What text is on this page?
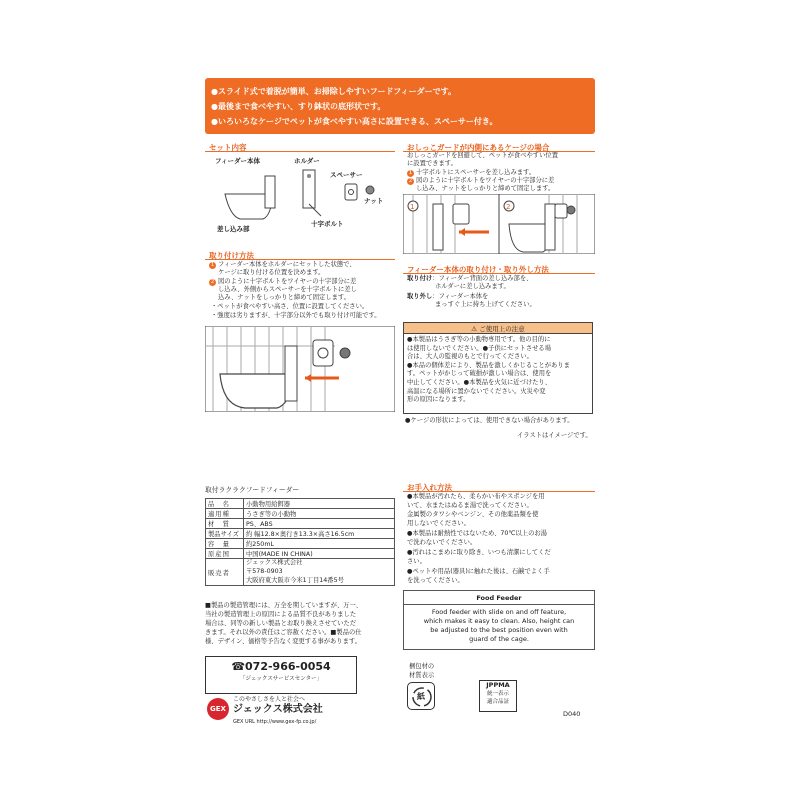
●スライド式で着脱が簡単、お掃除しやすいフードフィーダーです。

●最後まで食べやすい、すり鉢状の底形状です。

●いろいろなケージでペットが食べやすい高さに設置できる、スペーサー付き。

セット内容
フィーダー本体	ホルダー
スペーサー
ナット
差し込み部
十字ボルト
取り付け方法
1 フィーダー本体をホルダーにセットした状態で、
ケージに取り付ける位置を決めます。
2 図のように十字ボルトをワイヤーの十字部分に差
し込み、外側からスペーサーを十字ボルトに差し
込み、ナットをしっかりと締めて固定します。
・ペットが食べやすい高さ、位置に設置してください。
・強度は劣りますが、十字部分以外でも取り付け可能です。
おしっこガードが内側にあるケージの場合
おしっこガードを回避して、ペットが食べやすい位置
に設置できます。
1 十字ボルトにスペーサーを差し込みます。
2 図のように十字ボルトをワイヤーの十字部分に差
し込み、ナットをしっかりと締めて固定します。
1	2
フィーダー本体の取り付け・取り外し方法
取り付け：フィーダー背面の差し込み部を、
ホルダーに差し込みます。
取り外し：フィーダー本体を
まっすぐ上に持ち上げてください。
⚠ ご使用上の注意
●本製品はうさぎ等の小動物専用です。他の目的に
は使用しないでください。●子供にセットさせる場
合は、大人の監視のもとで行ってください。
●本品の個体差により、製品を激しくかじることがありま
す。ペットがかじって破損が激しい場合は、使用を
中止してください。●本製品を火気に近づけたり、
高温になる場所に置かないでください。火災や変
形の原因になります。
●ケージの形状によっては、使用できない場合があります。
イラストはイメージです。
取付ラクラクフードフィーダー
品　名	小動物用給餌器
適用種	うさぎ等の小動物
材　質	PS、ABS
製品サイズ	約 幅12.8×奥行き13.3×高さ16.5cm
容　量	約250mL
原産国	中国(MADE IN CHINA)
販売者	ジェックス株式会社
〒578-0903
大阪府東大阪市今米1丁目14番5号
■製品の製造管理には、万全を期していますが、万一、
当社の製造管理上の原因による品質不良がありました
場合は、同等の新しい製品とお取り換えさせていただ
きます。それ以外の責任はご容赦ください。■製品の仕
様、デザイン、価格等予告なく変更する事があります。
お手入れ方法
●本製品が汚れたら、柔らかい布やスポンジを用
いて、水またはぬるま湯で洗ってください。
金属製のタワシやベンジン、その他薬品類を使
用しないでください。
●本製品は耐熱性ではないため、70℃以上のお湯
で洗わないでください。
●汚れはこまめに取り除き、いつも清潔にしてくだ
さい。
●ペットや用品(器具)に触れた後は、石鹸でよく手
を洗ってください。
Food Feeder
Food feeder with slide on and off feature,
which makes it easy to clean. Also, height can
be adjusted to the best position even with
guard of the cage.
☎072-966-0054
「ジェックスサービスセンター」
GEX
このやさしさを人と社会へ
ジェックス株式会社
GEX URL http://www.gex-fp.co.jp/
梱包材の
材質表示
紙
JPPMA
統一表示
適合品証
D040
